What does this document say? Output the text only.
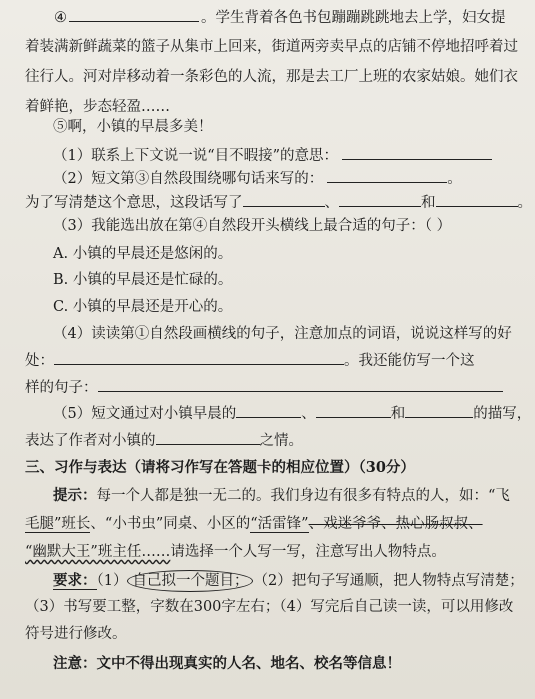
④	。学生背着各色书包蹦蹦跳跳地去上学，妇女提
着装满新鲜蔬菜的篮子从集市上回来，街道两旁卖早点的店铺不停地招呼着过
往行人。河对岸移动着一条彩色的人流，那是去工厂上班的农家姑娘。她们衣
着鲜艳，步态轻盈……
⑤啊，小镇的早晨多美！
（1）联系上下文说一说“目不暇接”的意思：
（2）短文第③自然段围绕哪句话来写的：	。
为了写清楚这个意思，这段话写了	、	和	。
（3）我能选出放在第④自然段开头横线上最合适的句子：（ ）
A. 小镇的早晨还是悠闲的。
B. 小镇的早晨还是忙碌的。
C. 小镇的早晨还是开心的。
（4）读读第①自然段画横线的句子，注意加点的词语，说说这样写的好
处：	。我还能仿写一个这
样的句子：
（5）短文通过对小镇早晨的	、	和	的描写，
表达了作者对小镇的	之情。
三、习作与表达（请将习作写在答题卡的相应位置）（30分）
提示：每一个人都是独一无二的。我们身边有很多有特点的人，如：“飞
毛腿”班长、“小书虫”同桌、小区的“活雷锋”、戏迷爷爷、热心肠叔叔、
“幽默大王”班主任……请选择一个人写一写，注意写出人物特点。
要求：（1） 自己拟一个题目； （2）把句子写通顺，把人物特点写清楚；
（3）书写要工整，字数在300字左右；（4）写完后自己读一读，可以用修改
符号进行修改。
注意：文中不得出现真实的人名、地名、校名等信息！
